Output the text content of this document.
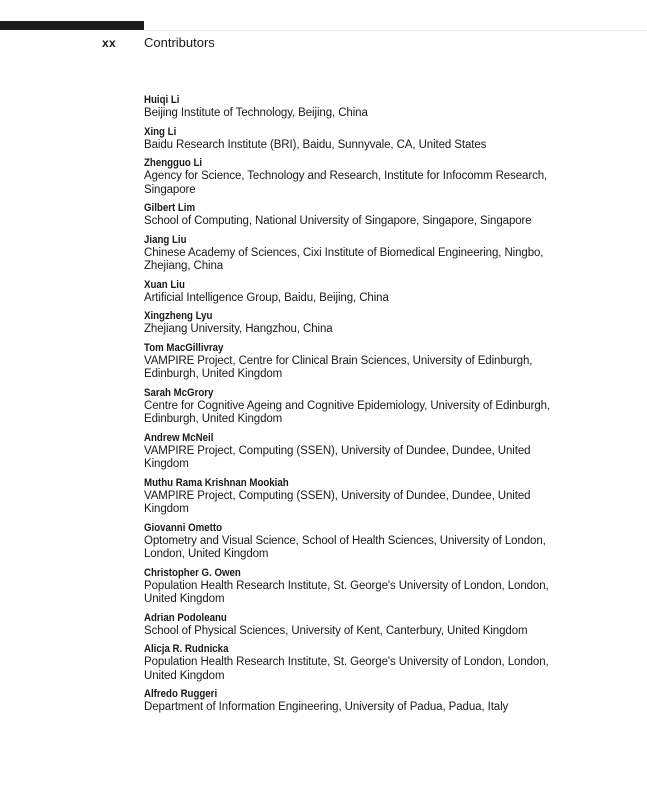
xx Contributors
Huiqi Li
Beijing Institute of Technology, Beijing, China
Xing Li
Baidu Research Institute (BRI), Baidu, Sunnyvale, CA, United States
Zhengguo Li
Agency for Science, Technology and Research, Institute for Infocomm Research, Singapore
Gilbert Lim
School of Computing, National University of Singapore, Singapore, Singapore
Jiang Liu
Chinese Academy of Sciences, Cixi Institute of Biomedical Engineering, Ningbo, Zhejiang, China
Xuan Liu
Artificial Intelligence Group, Baidu, Beijing, China
Xingzheng Lyu
Zhejiang University, Hangzhou, China
Tom MacGillivray
VAMPIRE Project, Centre for Clinical Brain Sciences, University of Edinburgh, Edinburgh, United Kingdom
Sarah McGrory
Centre for Cognitive Ageing and Cognitive Epidemiology, University of Edinburgh, Edinburgh, United Kingdom
Andrew McNeil
VAMPIRE Project, Computing (SSEN), University of Dundee, Dundee, United Kingdom
Muthu Rama Krishnan Mookiah
VAMPIRE Project, Computing (SSEN), University of Dundee, Dundee, United Kingdom
Giovanni Ometto
Optometry and Visual Science, School of Health Sciences, University of London, London, United Kingdom
Christopher G. Owen
Population Health Research Institute, St. George's University of London, London, United Kingdom
Adrian Podoleanu
School of Physical Sciences, University of Kent, Canterbury, United Kingdom
Alicja R. Rudnicka
Population Health Research Institute, St. George's University of London, London, United Kingdom
Alfredo Ruggeri
Department of Information Engineering, University of Padua, Padua, Italy
